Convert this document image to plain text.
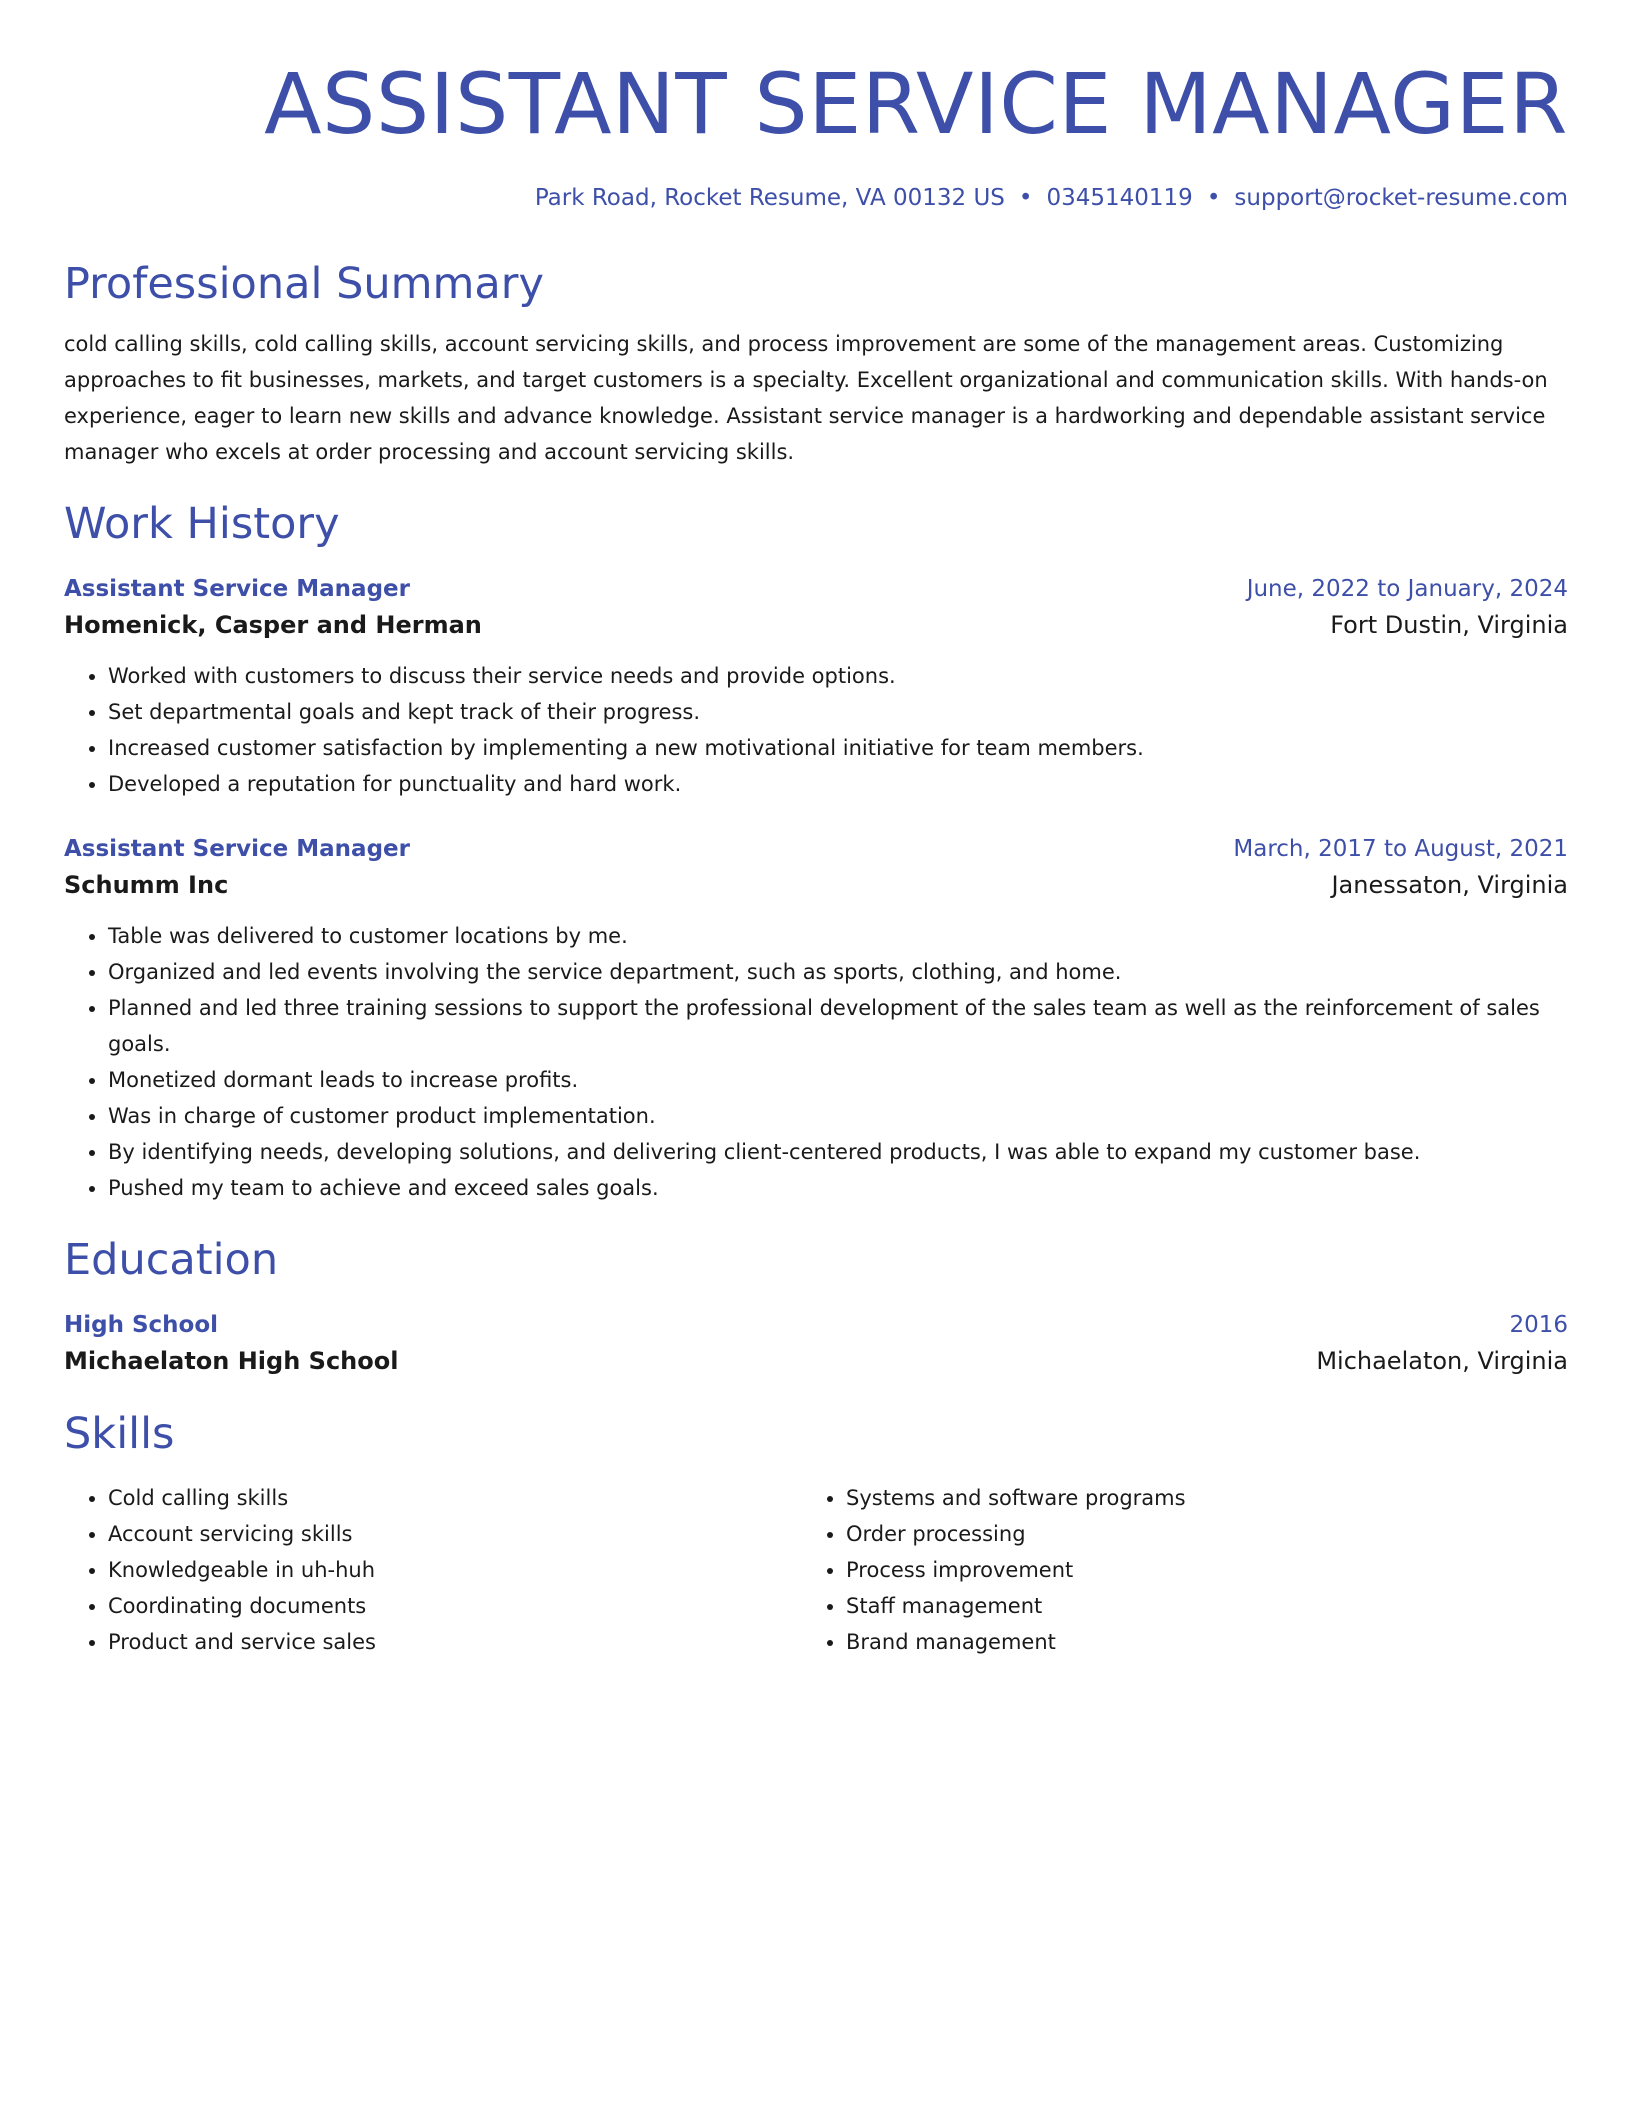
ASSISTANT SERVICE MANAGER
Park Road, Rocket Resume, VA 00132 US • 0345140119 • support@rocket-resume.com
Professional Summary
cold calling skills, cold calling skills, account servicing skills, and process improvement are some of the management areas. Customizing approaches to fit businesses, markets, and target customers is a specialty. Excellent organizational and communication skills. With hands-on experience, eager to learn new skills and advance knowledge. Assistant service manager is a hardworking and dependable assistant service manager who excels at order processing and account servicing skills.
Work History
Assistant Service Manager	June, 2022 to January, 2024
Homenick, Casper and Herman	Fort Dustin, Virginia
• Worked with customers to discuss their service needs and provide options.
• Set departmental goals and kept track of their progress.
• Increased customer satisfaction by implementing a new motivational initiative for team members.
• Developed a reputation for punctuality and hard work.
Assistant Service Manager	March, 2017 to August, 2021
Schumm Inc	Janessaton, Virginia
• Table was delivered to customer locations by me.
• Organized and led events involving the service department, such as sports, clothing, and home.
• Planned and led three training sessions to support the professional development of the sales team as well as the reinforcement of sales goals.
• Monetized dormant leads to increase profits.
• Was in charge of customer product implementation.
• By identifying needs, developing solutions, and delivering client-centered products, I was able to expand my customer base.
• Pushed my team to achieve and exceed sales goals.
Education
High School	2016
Michaelaton High School	Michaelaton, Virginia
Skills
• Cold calling skills
• Account servicing skills
• Knowledgeable in uh-huh
• Coordinating documents
• Product and service sales
• Systems and software programs
• Order processing
• Process improvement
• Staff management
• Brand management
